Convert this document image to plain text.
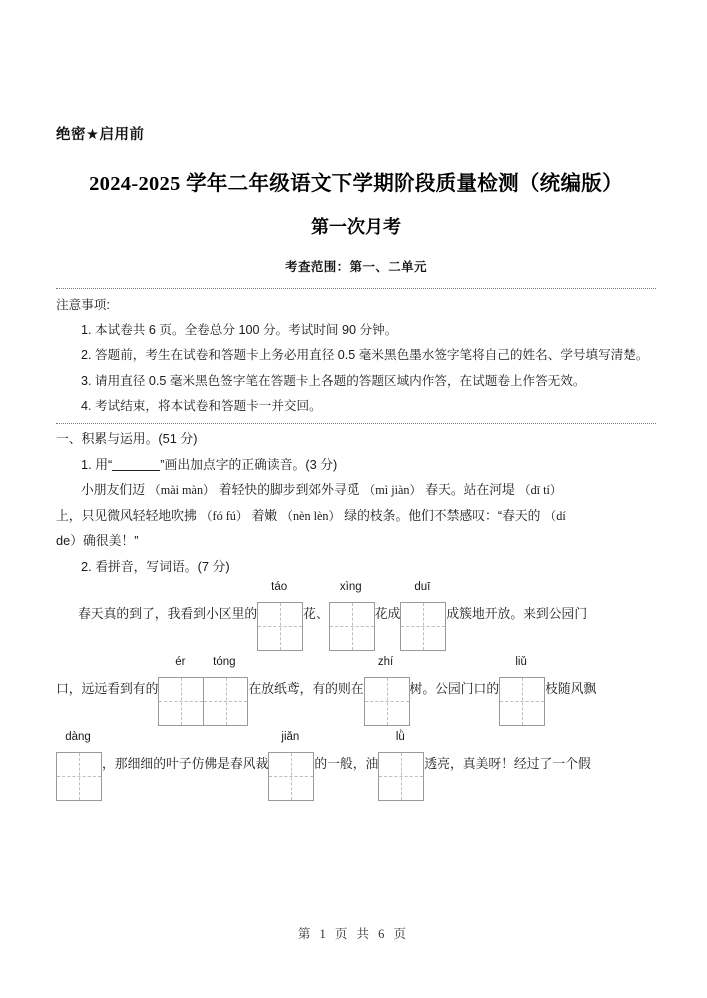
绝密★启用前
2024-2025 学年二年级语文下学期阶段质量检测（统编版）
第一次月考
考查范围：第一、二单元

注意事项:

1. 本试卷共 6 页。全卷总分 100 分。考试时间 90 分钟。

2. 答题前，考生在试卷和答题卡上务必用直径 0.5 毫米黑色墨水签字笔将自己的姓名、学号填写清楚。

3. 请用直径 0.5 毫米黑色签字笔在答题卡上各题的答题区域内作答，在试题卷上作答无效。

4. 考试结束，将本试卷和答题卡一并交回。

一、积累与运用。(51 分)

1. 用“	”画出加点字的正确读音。(3 分)

小朋友们迈 （mài màn） 着轻快的脚步到郊外寻觅 （mì jiàn） 春天。站在河堤 （dī tí）

上，只见微风轻轻地吹拂 （fó fú） 着嫩 （nèn lèn） 绿的枝条。他们不禁感叹：“春天的 （dí

de）确很美！”

2. 看拼音，写词语。(7 分)

春天真的到了，我看到小区里的
táo
花、
xìng
花成
duī
成簇地开放。来到公园门
口，远远看到有的
ér	tóng
在放纸鸢，有的则在
zhí
树。公园门口的
liǔ
枝随风飘
dàng
，那细细的叶子仿佛是春风裁
jiǎn
的一般，油
lǜ
透亮，真美呀！经过了一个假
第 1 页 共 6 页
